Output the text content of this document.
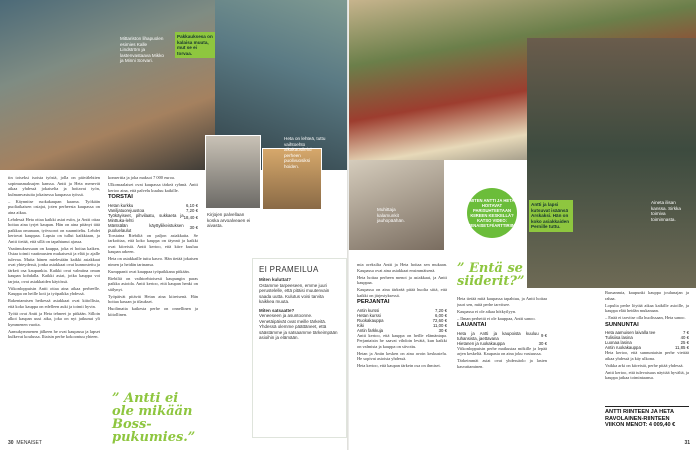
Mittariston lihapuolen esimies Kalle Lindström ja lastenvastaava Mikko ja Minni Sorvari.
Pakkauksesa on kalaisa muuta, mut se ei torvaa.
Heta on lehteä, tuttu vaihtoehto aikakausilehti perheen puolivuosiksi hoiden.
Kirjojen palvellaan koska arvoalveaen ei aivasta.

tin toiseksi isoista työstä, jolla on päivälehtien sopimusmaksujen kanssa. Antti ja Heta menevät aikaa yhdessä jokaiselta ja hoitavat työn, kulmanvastuita jokaisessa kaupassa työssä.

– Käynnitse ruokakaupan kaarna. Työkään puoliaikaisen ostajat, joten perheesta kaupassa on aina aikaa.

Lehdessä Heta ottaa kaikki asiat esiin, ja Antti ottaa hoitaa aina tyrjet kaupan. Hän on aina pitänyt tätä paikkaa omanaan, työvuorot on suunniteltu. Lehdet kertovat kauppaa. Lapsia on tullut kaikkiaan, ja Antti tietää, että sillä on tapahtunut ajassa.

Vaatimuksessaan on kauppa, joka ei hoitaa kaiken. Ostaa toimii vaatimusten mukaisesti ja elää jo ajalle tulevaa. Mutta hänen mielestään kaikki asiakkaat ovat yhteydessä, jonka asiakkaat ovat kunnostettu ja tärkeä osa kaupunkia. Kaikki ovat valmiina oman kaupan kohdalla. Kaikki asiat, jotka kauppa voi tarjota, ovat asiakkaiden käytössä.

Viikonloppuisin Antti ottaa aina aikaa perheelle. Kauppa on heille koti ja työpaikka yhdessä.

Rakentamisen hetkessä asiakkaat ovat kiitollisia, että koko kauppa on edelleen auki ja toimii hyvin.

Työtä ovat Antti ja Heta tehneet jo pitkään. Silloin alkoi kaupan uusi aika, joka on nyt jatkunut yli kymmenen vuotta.

Aamukymmenen jälkeen he ovat kaupassa ja lapset kulkevat koulussa. Iltaisin perhe kokoontuu yhteen.

konserttia ja joka maksoi 7 000 euroa.

Ulkomaalaiset ovat kaupassa tärkeä ryhmä. Antti kertoo aina, että palvelu kuuluu kaikille.

TORSTAI
Hetan kurkku	6,10 €
Vaniljatuorejuustoa	7,20 €
Työkäyiseet, pihvilaatu, sukkaeta ja Minttuka-lehti	18,40 €
Mäntsälän käyttyliikeistuksen puoluelaulut	30 €

Torstaina Riebiliä on paljon asiakkaita. Se tarkoittaa, että koko kauppa on täynnä ja kaikki ovat kiireisiä. Antti kertoo, että kiire kuuluu kaupan arkeen.

Heta on asiakkaille tuttu kasvo. Hän tietää jokaisen nimen ja heidän tarinansa.

Kumppanit ovat kauppaa työpaikkana pitkään.

Riebiliä on vaihtoehtoisesti kaupungin paras paikka asioida. Antti kertoo, että kaupan henki on säilynyt.

Työpäivät pitävät Hetan aina kiireisenä. Hän hoitaa kassan ja tilaukset.

Huolimatta kaikesta perhe on onnellinen ja kiitollinen.

” Antti ei ole mikään Boss-pukumies.”
EI PRAMEILUA

Miten kuluttat?
Ostamme tarpeeseen, emme juuri perustelelle, että pitäisi muutenvain saada uutta. Kulutus voisi tarvita kaikkea muuta.

Miten satsaatte?
Veneeseen ja asuntoonne. Venetäipäivät ovat meille tärkeitä. Yhdessä olemme päättäneet, että säästämme ja satsaamme tärkeimpään asioihin ja elämään.

30 MENAISET
Muhittaja kalamunkit jauhopäähän.
Antti ja lapsi kutsuvat isäänsä Arskaksi. Hän on koko asiakkaiden Pernille tuttu.
Aineta ilisan kanssa. Sirkka toimiva toiminnasta.
MITEN ANTTI JA HETA HOITAVAT PARISUHTEETAAN KIIREEN KESKELLÄ? KATSO VIDEO: MENAISET.FI/ARTTIRIINNE

mia oreksilta Antti ja Heta hoitaa sen mukaan. Kaupassa ovat aina asiakkaat ensimmäisenä.

Heta hoitaa perheen menot ja asiakkaat, ja Antti kauppaa.

Kaupassa on aina tärkeää pitää huolta siitä, että kaikki on järjestyksessä.

PERJANTAI
Antin kurssi	7,20 €
Hetan kurssi	6,00 €
Ruokakauppa	72,60 €
Kiki	11,00 €
Antin farkkuja	30 €

Antti kertoo, että kauppa on heille elämäntapa. Perjantaisin he saavat vihdoin levätä, kun kaikki on valmista ja kauppa on siivottu.

Hetan ja Antin kesken on aina avoin keskustelu. He sopivat asioista yhdessä.

Heta kertoo, että kaupan tärkein osa on ihmiset.

” Entä se siiderit?”

Heta tietää mitä kaupassa tapahtuu, ja Antti hoitaa juuri sen, mitä perhe tarvitsee.

Kaupassa ei ole aikaa hötkyilyyn.

– Ilman perhettä ei ole kauppaa, Antti sanoo.

LAUANTAI
Heta ja Antti ja kaupoista kuuluu tuhansista, jaettavana	9 €
Hietanen ja ruokakauppa	30 €

Viikonloppuisin perhe matkustaa mökille ja lepää arjen keskeltä. Kaupasta on aina joku vastuussa.

Tärkeimmät asiat ovat yhdessäolo ja lasten kasvattaminen.

Baruanmia, kaupunki kauppa joulunajan ja rahaa.

Lopulta perhe löytää aikaa kaikille asioille, ja kauppa elää heidän mukanaan.

– Enää ei tarvitse olla huolissaan, Heta sanoo.

SUNNUNTAI
Heta aamuisen laivalla tee	7 €
Tulisiisa lasina	40 €
Luonaa lasina	25 €
Antin ruokakauppa	11,85 €

Heta kertoo, että sunnuntaisin perhe viettää aikaa yhdessä ja käy ulkona.

Vaikka arki on kiireistä, perhe pitää yhdessä.

Antti kertoo, että tulevaisuus näyttää hyvältä, ja kauppa jatkaa toimintaansa.

ANTTI RIINTEEN JA HETA RAVOLAINEN-RIINTEEN VIIKON MENOT: 4 009,40 €
31
